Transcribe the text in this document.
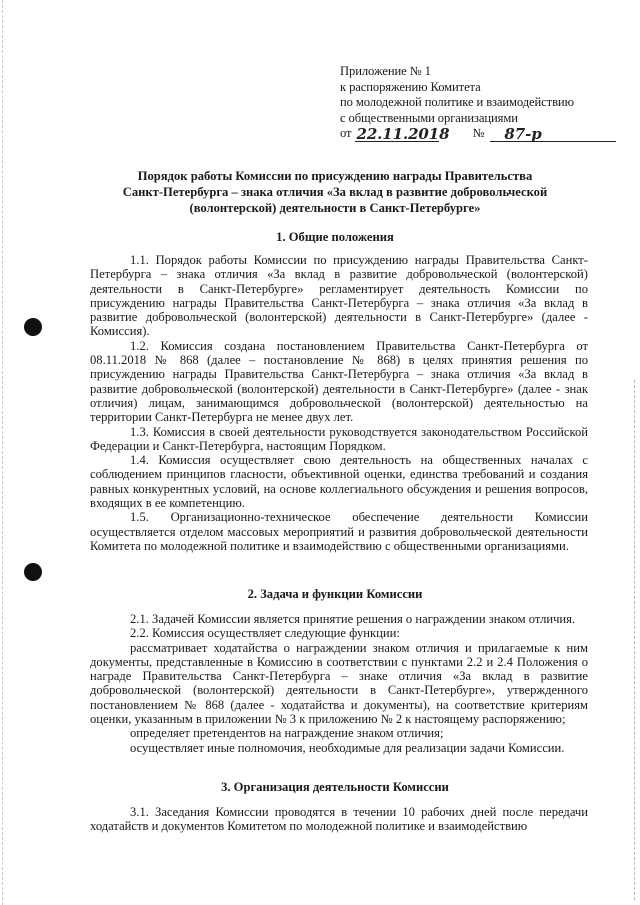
Приложение № 1
к распоряжению Комитета
по молодежной политике и взаимодействию
с общественными организациями
от
22.11.2018 №	87-р
Порядок работы Комиссии по присуждению награды Правительства
Санкт-Петербурга – знака отличия «За вклад в развитие добровольческой
(волонтерской) деятельности в Санкт-Петербурге»
1. Общие положения

1.1. Порядок работы Комиссии по присуждению награды Правительства Санкт-Петербурга – знака отличия «За вклад в развитие добровольческой (волонтерской) деятельности в Санкт-Петербурге» регламентирует деятельность Комиссии по присуждению награды Правительства Санкт-Петербурга – знака отличия «За вклад в развитие добровольческой (волонтерской) деятельности в Санкт-Петербурге» (далее - Комиссия).

1.2. Комиссия создана постановлением Правительства Санкт-Петербурга от 08.11.2018 № 868 (далее – постановление № 868) в целях принятия решения по присуждению награды Правительства Санкт-Петербурга – знака отличия «За вклад в развитие добровольческой (волонтерской) деятельности в Санкт-Петербурге» (далее - знак отличия) лицам, занимающимся добровольческой (волонтерской) деятельностью на территории Санкт-Петербурга не менее двух лет.

1.3. Комиссия в своей деятельности руководствуется законодательством Российской Федерации и Санкт-Петербурга, настоящим Порядком.

1.4. Комиссия осуществляет свою деятельность на общественных началах с соблюдением принципов гласности, объективной оценки, единства требований и создания равных конкурентных условий, на основе коллегиального обсуждения и решения вопросов, входящих в ее компетенцию.

1.5. Организационно-техническое обеспечение деятельности Комиссии осуществляется отделом массовых мероприятий и развития добровольческой деятельности Комитета по молодежной политике и взаимодействию с общественными организациями.

2. Задача и функции Комиссии

2.1. Задачей Комиссии является принятие решения о награждении знаком отличия.

2.2. Комиссия осуществляет следующие функции:

рассматривает ходатайства о награждении знаком отличия и прилагаемые к ним документы, представленные в Комиссию в соответствии с пунктами 2.2 и 2.4 Положения о награде Правительства Санкт-Петербурга – знаке отличия «За вклад в развитие добровольческой (волонтерской) деятельности в Санкт-Петербурге», утвержденного постановлением № 868 (далее - ходатайства и документы), на соответствие критериям оценки, указанным в приложении № 3 к приложению № 2 к настоящему распоряжению;

определяет претендентов на награждение знаком отличия;

осуществляет иные полномочия, необходимые для реализации задачи Комиссии.

3. Организация деятельности Комиссии

3.1. Заседания Комиссии проводятся в течении 10 рабочих дней после передачи ходатайств и документов Комитетом по молодежной политике и взаимодействию
